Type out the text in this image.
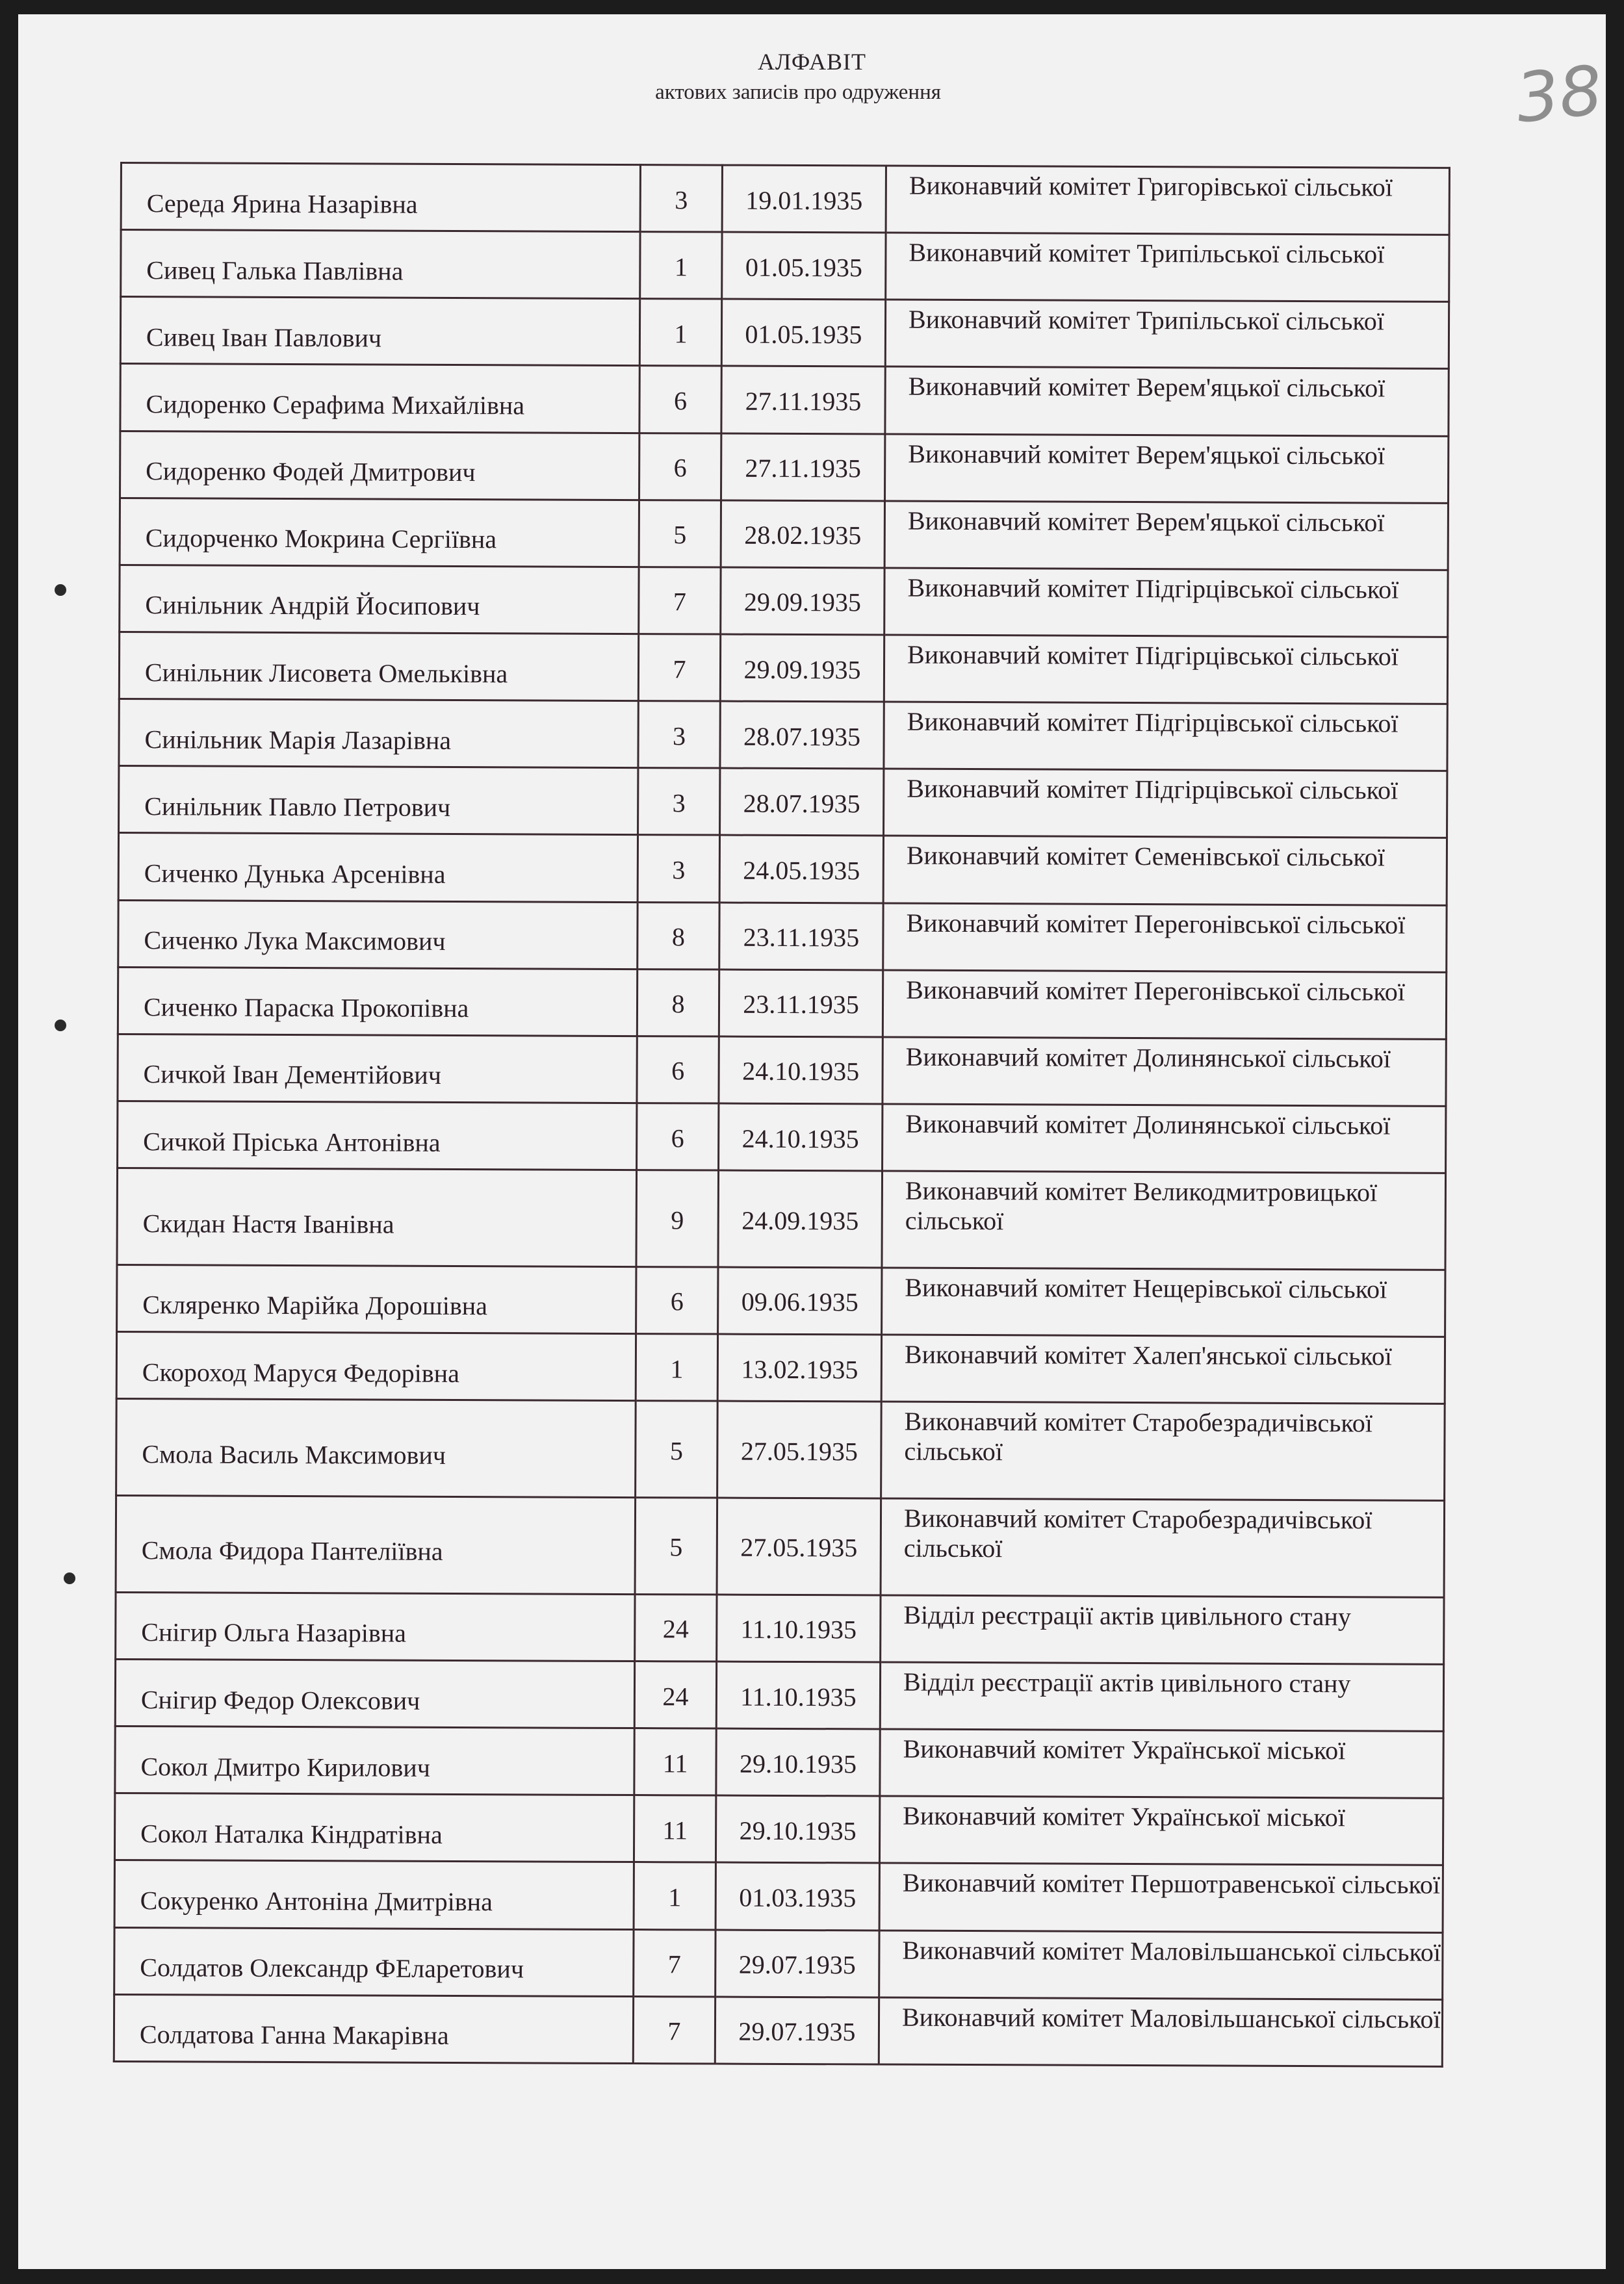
АЛФАВІТ
актових записів про одруження	38
Середа Ярина Назарівна	3	19.01.1935	Виконавчий комітет Григорівської сільської
Сивец Галька Павлівна	1	01.05.1935	Виконавчий комітет Трипільської сільської
Сивец Іван Павлович	1	01.05.1935	Виконавчий комітет Трипільської сільської
Сидоренко Серафима Михайлівна	6	27.11.1935	Виконавчий комітет Верем'яцької сільської
Сидоренко Фодей Дмитрович	6	27.11.1935	Виконавчий комітет Верем'яцької сільської
Сидорченко Мокрина Сергіївна	5	28.02.1935	Виконавчий комітет Верем'яцької сільської
Синільник Андрій Йосипович	7	29.09.1935	Виконавчий комітет Підгірцівської сільської
Синільник Лисовета Омельківна	7	29.09.1935	Виконавчий комітет Підгірцівської сільської
Синільник Марія Лазарівна	3	28.07.1935	Виконавчий комітет Підгірцівської сільської
Синільник Павло Петрович	3	28.07.1935	Виконавчий комітет Підгірцівської сільської
Сиченко Дунька Арсенівна	3	24.05.1935	Виконавчий комітет Семенівської сільської
Сиченко Лука Максимович	8	23.11.1935	Виконавчий комітет Перегонівської сільської
Сиченко Параска Прокопівна	8	23.11.1935	Виконавчий комітет Перегонівської сільської
Сичкой Іван Дементійович	6	24.10.1935	Виконавчий комітет Долинянської сільської
Сичкой Пріська Антонівна	6	24.10.1935	Виконавчий комітет Долинянської сільської
Скидан Настя Іванівна	9	24.09.1935	Виконавчий комітет Великодмитровицької сільської
Скляренко Марійка Дорошівна	6	09.06.1935	Виконавчий комітет Нещерівської сільської
Скороход Маруся Федорівна	1	13.02.1935	Виконавчий комітет Халеп'янської сільської
Смола Василь Максимович	5	27.05.1935	Виконавчий комітет Старобезрадичівської сільської
Смола Фидора Пантеліївна	5	27.05.1935	Виконавчий комітет Старобезрадичівської сільської
Снігир Ольга Назарівна	24	11.10.1935	Відділ реєстрації актів цивільного стану
Снігир Федор Олексович	24	11.10.1935	Відділ реєстрації актів цивільного стану
Сокол Дмитро Кирилович	11	29.10.1935	Виконавчий комітет Української міської
Сокол Наталка Кіндратівна	11	29.10.1935	Виконавчий комітет Української міської
Сокуренко Антоніна Дмитрівна	1	01.03.1935	Виконавчий комітет Першотравенської сільської
Солдатов Олександр ФЕларетович	7	29.07.1935	Виконавчий комітет Маловільшанської сільської
Солдатова Ганна Макарівна	7	29.07.1935	Виконавчий комітет Маловільшанської сільської
